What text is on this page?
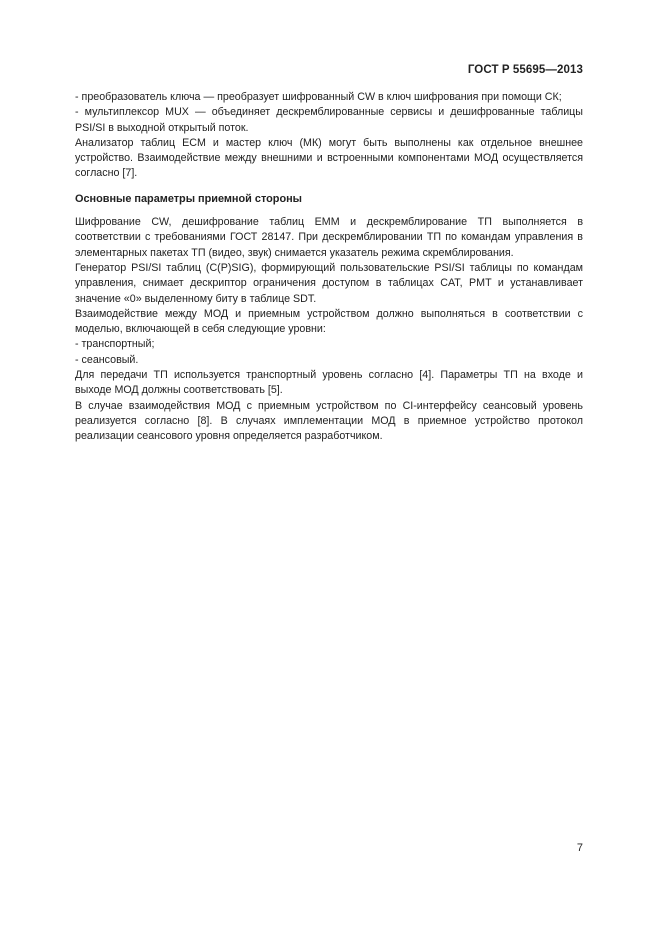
ГОСТ Р 55695—2013

- преобразователь ключа — преобразует шифрованный CW в ключ шифрования при помощи СК;

- мультиплексор MUX — объединяет дескремблированные сервисы и дешифрованные таблицы PSI/SI в выходной открытый поток.

Анализатор таблиц ECM и мастер ключ (МК) могут быть выполнены как отдельное внешнее устройство. Взаимодействие между внешними и встроенными компонентами МОД осуществляется согласно [7].

Основные параметры приемной стороны

Шифрование CW, дешифрование таблиц EMM и дескремблирование ТП выполняется в соответствии с требованиями ГОСТ 28147. При дескремблировании ТП по командам управления в элементарных пакетах ТП (видео, звук) снимается указатель режима скремблирования.

Генератор PSI/SI таблиц (C(P)SIG), формирующий пользовательские PSI/SI таблицы по командам управления, снимает дескриптор ограничения доступом в таблицах CAT, PMT и устанавливает значение «0» выделенному биту в таблице SDT.

Взаимодействие между МОД и приемным устройством должно выполняться в соответствии с моделью, включающей в себя следующие уровни:

- транспортный;

- сеансовый.

Для передачи ТП используется транспортный уровень согласно [4]. Параметры ТП на входе и выходе МОД должны соответствовать [5].

В случае взаимодействия МОД с приемным устройством по CI-интерфейсу сеансовый уровень реализуется согласно [8]. В случаях имплементации МОД в приемное устройство протокол реализации сеансового уровня определяется разработчиком.

7
